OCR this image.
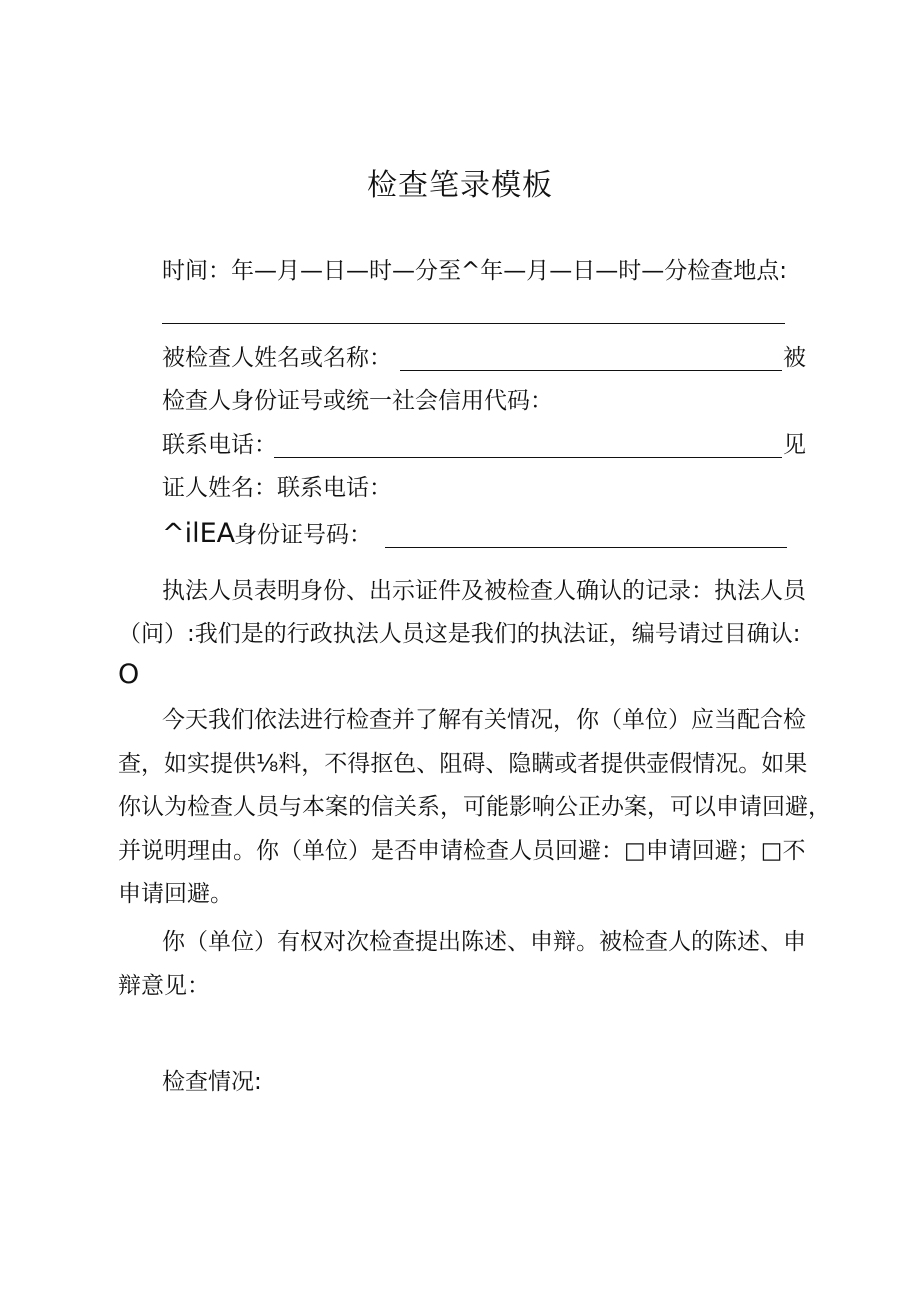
检查笔录模板
时间：年—月—日—时—分至^年—月—日—时—分检查地点:
被检查人姓名或名称：	被
检查人身份证号或统一社会信用代码：
联系电话：	见
证人姓名：联系电话：
^ilEA
身份证号码：
执法人员表明身份、出示证件及被检查人确认的记录：执法人员
（问）:我们是的行政执法人员这是我们的执法证，编号请过目确认:
O
今天我们依法进行检查并了解有关情况，你（单位）应当配合检
查，如实提供⅛料，不得抠色、阻碍、隐瞒或者提供壶假情况。如果
你认为检查人员与本案的信关系，可能影响公正办案，可以申请回避，
并说明理由。你（单位）是否申请检查人员回避：□申请回避；□不
申请回避。
你（单位）有权对次检查提出陈述、申辩。被检查人的陈述、申
辩意见：
检查情况:
